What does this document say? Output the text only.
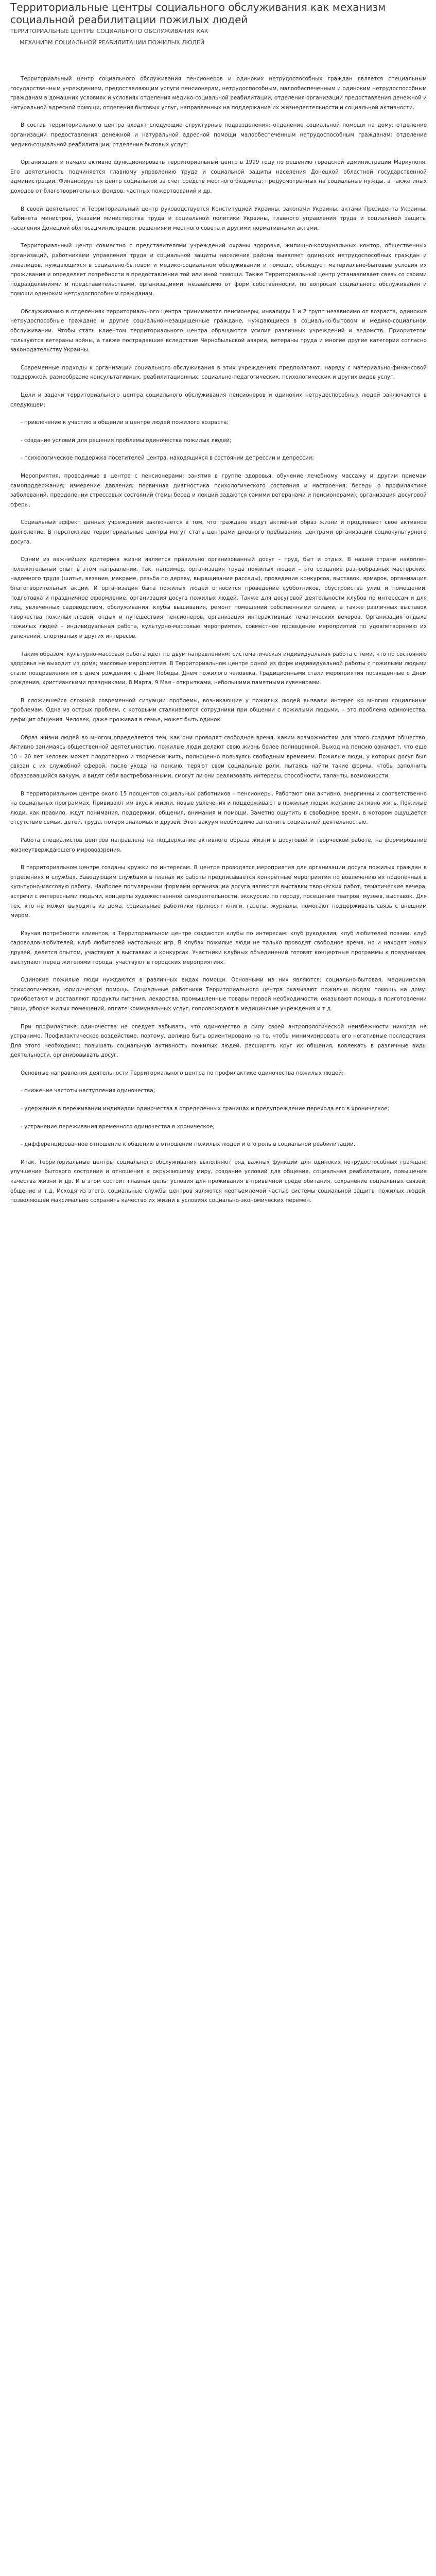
Территориальные центры социального обслуживания как механизм социальной реабилитации пожилых людей
ТЕРРИТОРИАЛЬНЫЕ ЦЕНТРЫ СОЦИАЛЬНОГО ОБСЛУЖИВАНИЯ КАК
МЕХАНИЗМ СОЦИАЛЬНОЙ РЕАБИЛИТАЦИИ ПОЖИЛЫХ ЛЮДЕЙ

Территориальный центр социального обслуживания пенсионеров и одиноких нетрудоспособных граждан является специальным государственным учреждением, предоставляющим услуги пенсионерам, нетрудоспособным, малообеспеченным и одиноким нетрудоспособным гражданам в домашних условиях и условиях отделения медико-социальной реабилитации, отделения организации предоставления денежной и натуральной адресной помощи, отделения бытовых услуг, направленных на поддержание их жизнедеятельности и социальной активности.

В состав территориального центра входят следующие структурные подразделения: отделение социальной помощи на дому; отделение организации предоставления денежной и натуральной адресной помощи малообеспеченным нетрудоспособным гражданам; отделение медико-социальной реабилитации; отделение бытовых услуг;

Организация и начало активно функционировать территориальный центр в 1999 году по решению городской администрации Мариуполя. Его деятельность подчиняется главному управлению труда и социальной защиты населения Донецкой областной государственной администрации. Финансируется центр социальной за счет средств местного бюджета; предусмотренных на социальные нужды, а также иных доходов от благотворительных фондов, частных пожертвований и др.

В своей деятельности Территориальный центр руководствуется Конституцией Украины, законами Украины, актами Президента Украины, Кабинета министров, указами министерства труда и социальной политики Украины, главного управления труда и социальной защиты населения Донецкой облгосадминистрации, решениями местного совета и другими нормативными актами.

Территориальный центр совместно с представителями учреждений охраны здоровья, жилищно-коммунальных контор, общественных организаций, работниками управления труда и социальной защиты населения района выявляет одиноких нетрудоспособных граждан и инвалидов, нуждающихся в социально-бытовом и медико-социальном обслуживании и помощи, обследует материально-бытовые условия их проживания и определяет потребности в предоставлении той или иной помощи. Также Территориальный центр устанавливает связь со своими подразделениями и представительствами, организациями, независимо от форм собственности, по вопросам социального обслуживания и помощи одиноким нетрудоспособным гражданам.

Обслуживанию в отделениях территориального центра принимаются пенсионеры, инвалиды 1 и 2 групп независимо от возраста, одинокие нетрудоспособные граждане и другие социально-незащищенные граждане, нуждающиеся в социально-бытовом и медико-социальном обслуживании. Чтобы стать клиентом территориального центра обращаются усилия различных учреждений и ведомств. Приоритетом пользуются ветераны войны, а также пострадавшие вследствие Чернобыльской аварии, ветераны труда и многие другие категории согласно законодательству Украины.

Современные подходы к организации социального обслуживания в этих учреждениях предполагают, наряду с материально-финансовой поддержкой, разнообразие консультативных, реабилитационных, социально-педагогических, психологических и других видов услуг.

Цели и задачи территориального центра социального обслуживания пенсионеров и одиноких нетрудоспособных людей заключаются в следующем:

- привлечение к участию в общении в центре людей пожилого возраста;

- создание условий для решения проблемы одиночества пожилых людей;

- психологическое поддержка посетителей центра, находящихся в состоянии депрессии и депрессии;

Мероприятия, проводимые в центре с пенсионерами: занятия в группе здоровья, обучение лечебному массажу и другим приемам самоподдержания; измерение давления; первичная диагностика психологического состояния и настроения; беседы о профилактике заболеваний, преодолении стрессовых состояний (темы бесед и лекций задаются самими ветеранами и пенсионерами); организация досуговой сферы.

Социальный эффект данных учреждений заключается в том, что граждане ведут активный образ жизни и продлевают свое активное долголетие. В перспективе территориальные центры могут стать центрами дневного пребывания, центрами организации социокультурного досуга.

Одним из важнейших критериев жизни является правильно организованный досуг – труд, быт и отдых. В нашей стране накоплен положительный опыт в этом направлении. Так, например, организация труда пожилых людей – это создание разнообразных мастерских, надомного труда (шитье, вязание, макраме, резьба по дереву, выращивание рассады), проведение конкурсов, выставок, ярмарок, организация благотворительных акций. И организация быта пожилых людей относится проведение субботников, обустройства улиц и помещений, подготовка и праздничное оформление, организация досуга пожилых людей. Также для досуговой деятельности клубов по интересам и для лиц, увлеченных садоводством, обслуживания, клубы вышивания, ремонт помещений собственными силами, а также различных выставок творчества пожилых людей, отдых и путешествия пенсионеров, организация интерактивных тематических вечеров. Организация отдыха пожилых людей – индивидуальная работа, культурно-массовые мероприятия, совместное проведение мероприятий по удовлетворению их увлечений, спортивных и других интересов.

Таким образом, культурно-массовая работа идет по двум направлениям: систематическая индивидуальная работа с теми, кто по состоянию здоровья не выходит из дома; массовые мероприятия. В Территориальном центре одной из форм индивидуальной работы с пожилыми людьми стали поздравления их с днем рождения, с Днем Победы, Днем пожилого человека. Традиционными стали мероприятия посвященные с Днем рождения, христианскими праздниками, 8 Марта, 9 Мая - открытками, небольшими памятными сувенирами.

В сложившейся сложной современной ситуации проблемы, возникающие у пожилых людей вызвали интерес ко многим социальным проблемам. Одна из острых проблем, с которыми сталкиваются сотрудники при общении с пожилыми людьми, – это проблема одиночества, дефицит общения. Человек, даже проживая в семье, может быть одинок.

Образ жизни людей во многом определяется тем, как они проводят свободное время, каким возможностям для этого создают общество. Активно занимаясь общественной деятельностью, пожилые люди делают свою жизнь более полноценной. Выход на пенсию означает, что еще 10 – 20 лет человек может плодотворно и творчески жить, полноценно пользуясь свободным временем. Пожилые люди, у которых досуг был связан с их служебной сферой, после ухода на пенсию, теряют свои социальные роли, пытаясь найти такие формы, чтобы заполнить образовавшийся вакуум, и видят себя востребованными, смогут ли они реализовать интересы, способности, таланты, возможности.

В территориальном центре около 15 процентов социальных работников – пенсионеры. Работают они активно, энергичны и соответственно на социальных программах. Прививают им вкус к жизни, новые увлечения и поддерживают в пожилых людях желание активно жить. Пожилые люди, как правило, ждут понимания, поддержки, общения, внимания и помощи. Заметно ощутить в свободное время, в котором ощущается отсутствие семьи, детей, труда, потеря знакомых и друзей. Этот вакуум необходимо заполнить социальной деятельностью.

Работа специалистов центров направлена на поддержание активного образа жизни в досуговой и творческой работе, на формирование жизнеутверждающего мировоззрения.

В территориальном центре созданы кружки по интересам. В центре проводятся мероприятия для организации досуга пожилых граждан в отделениях и службах. Заведующим службами в планах их работы предписывается конкретные мероприятия по вовлечению их подопечных в культурно-массовую работу. Наиболее популярными формами организации досуга являются выставки творческих работ, тематические вечера, встречи с интересными людьми, концерты художественной самодеятельности, экскурсии по городу, посещение театров, музеев, выставок. Для тех, кто не может выходить из дома, социальные работники приносят книги, газеты, журналы, помогают поддерживать связь с внешним миром.

Изучая потребности клиентов, в Территориальном центре создаются клубы по интересам: клуб рукоделия, клуб любителей поэзии, клуб садоводов-любителей, клуб любителей настольных игр. В клубах пожилые люди не только проводят свободное время, но и находят новых друзей, делятся опытом, участвуют в выставках и конкурсах. Участники клубных объединений готовят концертные программы к праздникам, выступают перед жителями города, участвуют в городских мероприятиях.

Одинокие пожилые люди нуждаются в различных видах помощи. Основными из них являются: социально-бытовая, медицинская, психологическая, юридическая помощь. Социальные работники Территориального центра оказывают пожилым людям помощь на дому: приобретают и доставляют продукты питания, лекарства, промышленные товары первой необходимости, оказывают помощь в приготовлении пищи, уборке жилых помещений, оплате коммунальных услуг, сопровождают в медицинские учреждения и т.д.

При профилактике одиночества не следует забывать, что одиночество в силу своей антропологической неизбежности никогда не устранимо. Профилактическое воздействие, поэтому, должно быть ориентировано на то, чтобы минимизировать его негативные последствия. Для этого необходимо: повышать социальную активность пожилых людей, расширять круг их общения, вовлекать в различные виды деятельности, организовывать досуг.

Основные направления деятельности Территориального центра по профилактике одиночества пожилых людей:

- снижение частоты наступления одиночества;

- удержание в переживании индивидом одиночества в определенных границах и предупреждение перехода его в хроническое;

- устранение переживания временного одиночества в хроническое;

- дифференцированное отношение к общению в отношении пожилых людей и его роль в социальной реабилитации.

Итак, Территориальные центры социального обслуживания выполняют ряд важных функций для одиноких нетрудоспособных граждан: улучшение бытового состояния и отношения к окружающему миру, создание условий для общения, социальная реабилитация, повышение качества жизни и др. И в этом состоит главная цель: условия для проживания в привычной среде обитания, сохранение социальных связей, общение и т.д. Исходя из этого, социальные службы центров являются неотъемлемой частью системы социальной защиты пожилых людей, позволяющей максимально сохранить качество их жизни в условиях социально-экономических перемен.
